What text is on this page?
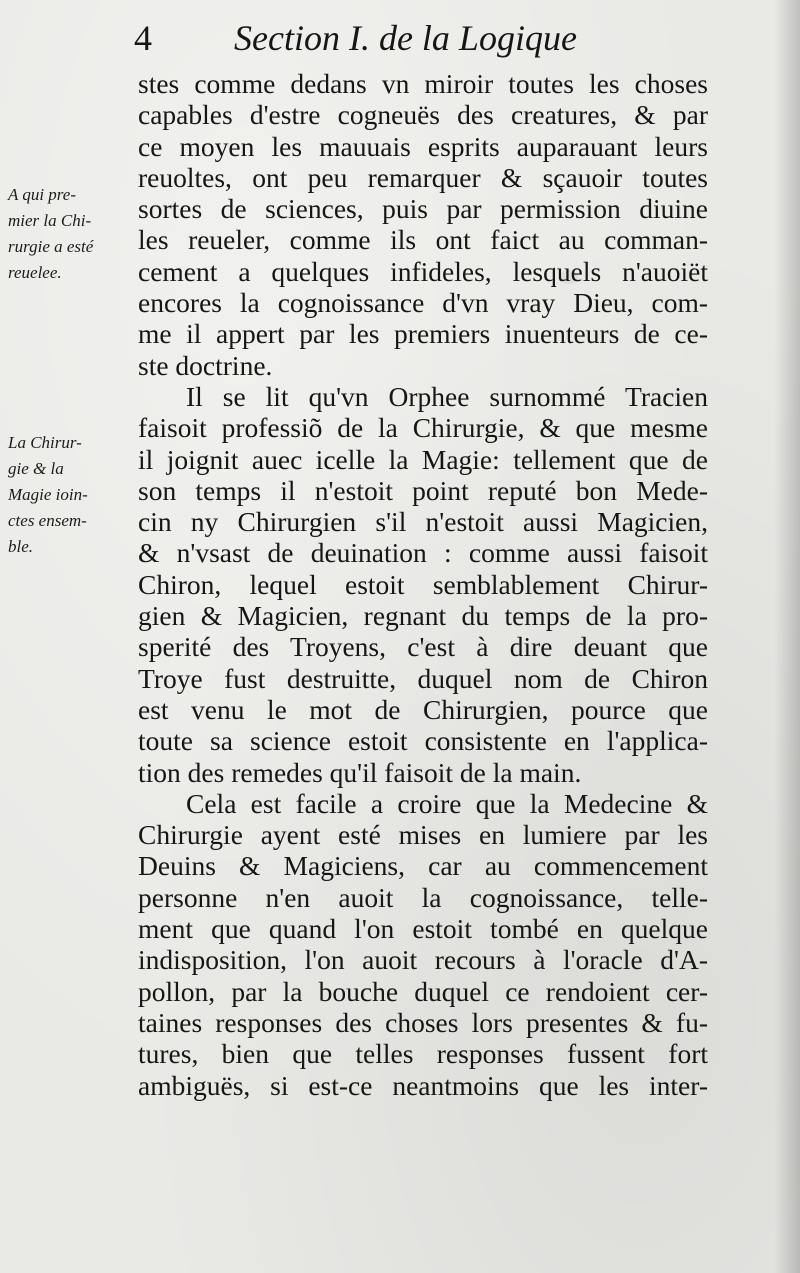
4 Section I. de la Logique
A qui pre-
mier la Chi-
rurgie a esté
reuelee.
La Chirur-
gie & la
Magie ioin-
ctes ensem-
ble.
stes comme dedans vn miroir toutes les choses
capables d'estre cogneuës des creatures, & par
ce moyen les mauuais esprits auparauant leurs
reuoltes, ont peu remarquer & sçauoir toutes
sortes de sciences, puis par permission diuine
les reueler, comme ils ont faict au comman-
cement a quelques infideles, lesquels n'auoiët
encores la cognoissance d'vn vray Dieu, com-
me il appert par les premiers inuenteurs de ce-
ste doctrine.
Il se lit qu'vn Orphee surnommé Tracien
faisoit professiõ de la Chirurgie, & que mesme
il joignit auec icelle la Magie: tellement que de
son temps il n'estoit point reputé bon Mede-
cin ny Chirurgien s'il n'estoit aussi Magicien,
& n'vsast de deuination : comme aussi faisoit
Chiron, lequel estoit semblablement Chirur-
gien & Magicien, regnant du temps de la pro-
sperité des Troyens, c'est à dire deuant que
Troye fust destruitte, duquel nom de Chiron
est venu le mot de Chirurgien, pource que
toute sa science estoit consistente en l'applica-
tion des remedes qu'il faisoit de la main.
Cela est facile a croire que la Medecine &
Chirurgie ayent esté mises en lumiere par les
Deuins & Magiciens, car au commencement
personne n'en auoit la cognoissance, telle-
ment que quand l'on estoit tombé en quelque
indisposition, l'on auoit recours à l'oracle d'A-
pollon, par la bouche duquel ce rendoient cer-
taines responses des choses lors presentes & fu-
tures, bien que telles responses fussent fort
ambiguës, si est-ce neantmoins que les inter-
